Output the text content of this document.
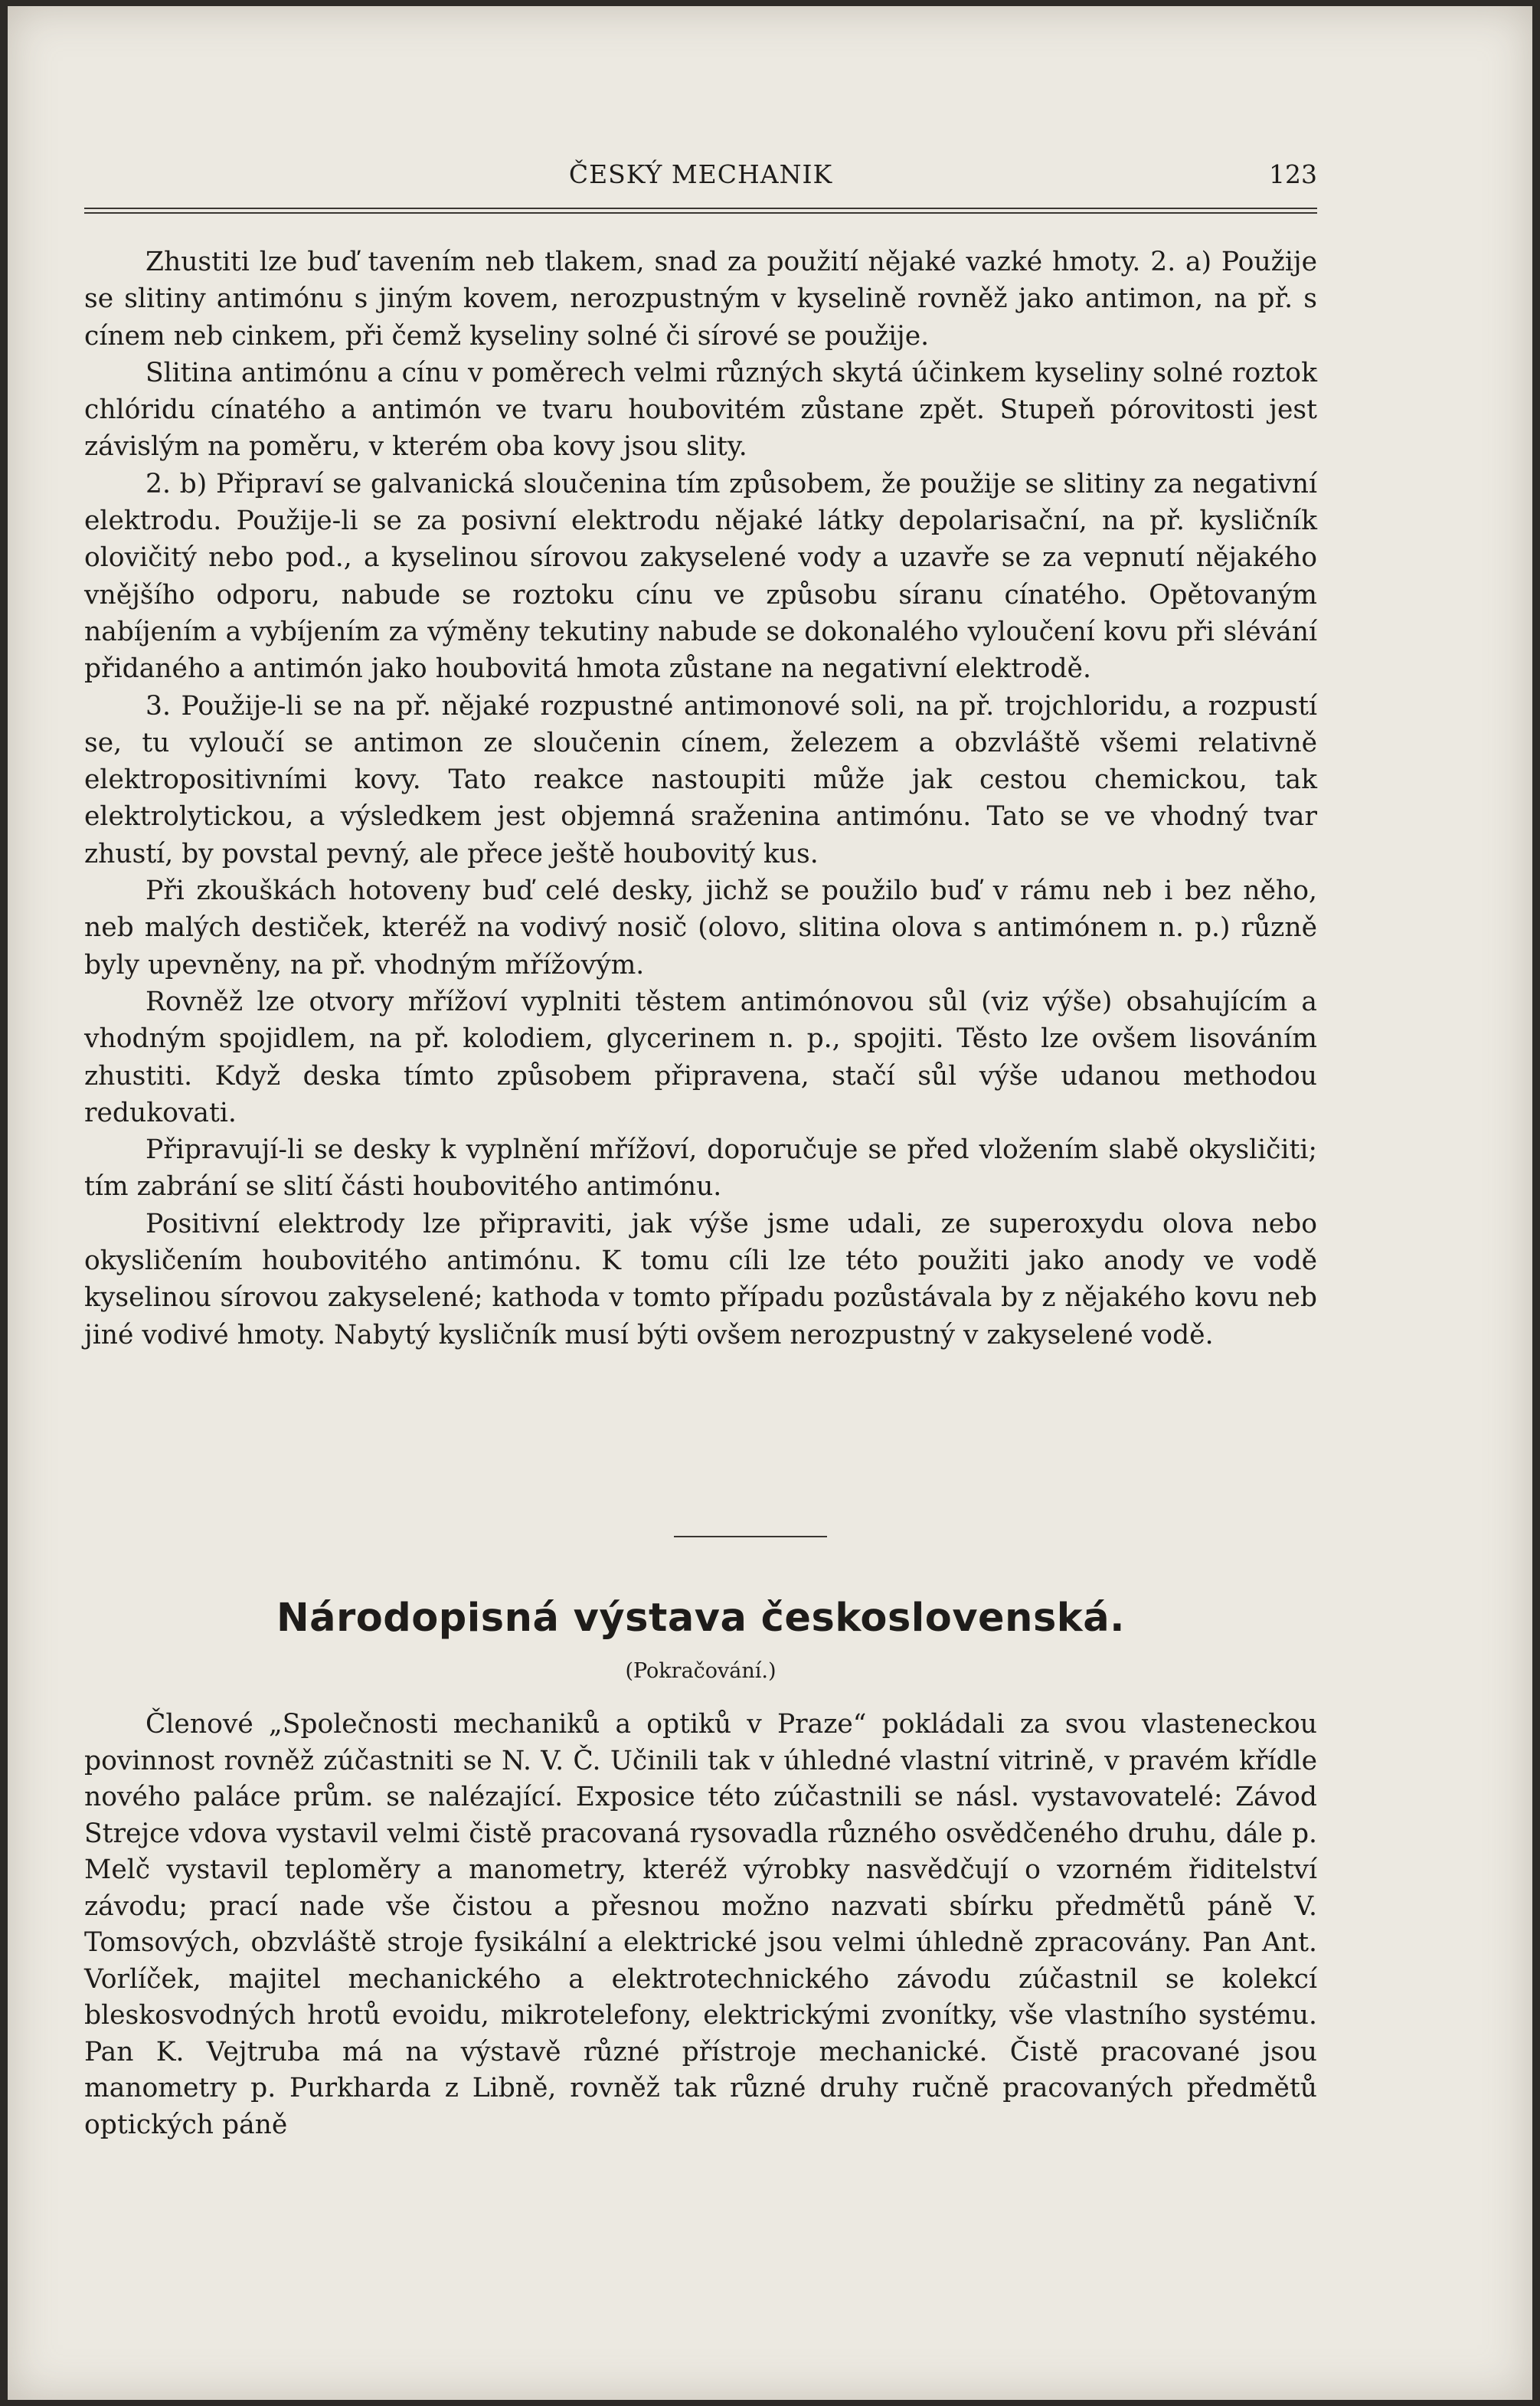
ČESKÝ MECHANIK	123

Zhustiti lze buď tavením neb tlakem, snad za použití nějaké vazké hmoty. 2. a) Použije se slitiny antimónu s jiným kovem, nerozpustným v kyselině rovněž jako antimon, na př. s cínem neb cinkem, při čemž kyseliny solné či sírové se použije.

Slitina antimónu a cínu v poměrech velmi různých skytá účinkem kyseliny solné roztok chlóridu cínatého a antimón ve tvaru houbovitém zůstane zpět. Stupeň pórovitosti jest závislým na poměru, v kterém oba kovy jsou slity.

2. b) Připraví se galvanická sloučenina tím způsobem, že použije se slitiny za negativní elektrodu. Použije-li se za posivní elektrodu nějaké látky depolarisační, na př. kysličník olovičitý nebo pod., a kyselinou sírovou zakyselené vody a uzavře se za vepnutí nějakého vnějšího odporu, nabude se roztoku cínu ve způsobu síranu cínatého. Opětovaným nabíjením a vybíjením za výměny tekutiny nabude se dokonalého vyloučení kovu při slévání přidaného a antimón jako houbovitá hmota zůstane na negativní elektrodě.

3. Použije-li se na př. nějaké rozpustné antimonové soli, na př. trojchloridu, a rozpustí se, tu vyloučí se antimon ze sloučenin cínem, železem a obzvláště všemi relativně elektropositivními kovy. Tato reakce nastoupiti může jak cestou chemickou, tak elektrolytickou, a výsledkem jest objemná sraženina antimónu. Tato se ve vhodný tvar zhustí, by povstal pevný, ale přece ještě houbovitý kus.

Při zkouškách hotoveny buď celé desky, jichž se použilo buď v rámu neb i bez něho, neb malých destiček, kteréž na vodivý nosič (olovo, slitina olova s antimónem n. p.) různě byly upevněny, na př. vhodným mřížovým.

Rovněž lze otvory mřížoví vyplniti těstem antimónovou sůl (viz výše) obsahujícím a vhodným spojidlem, na př. kolodiem, glycerinem n. p., spojiti. Těsto lze ovšem lisováním zhustiti. Když deska tímto způsobem připravena, stačí sůl výše udanou methodou redukovati.

Připravují-li se desky k vyplnění mřížoví, doporučuje se před vložením slabě okysličiti; tím zabrání se slití části houbovitého antimónu.

Positivní elektrody lze připraviti, jak výše jsme udali, ze superoxydu olova nebo okysličením houbovitého antimónu. K tomu cíli lze této použiti jako anody ve vodě kyselinou sírovou zakyselené; kathoda v tomto případu pozůstávala by z nějakého kovu neb jiné vodivé hmoty. Nabytý kysličník musí býti ovšem nerozpustný v zakyselené vodě.

Národopisná výstava československá.
(Pokračování.)

Členové „Společnosti mechaniků a optiků v Praze“ pokládali za svou vlasteneckou povinnost rovněž zúčastniti se N. V. Č. Učinili tak v úhledné vlastní vitrině, v pravém křídle nového paláce prům. se nalézající. Exposice této zúčastnili se násl. vystavovatelé: Závod Strejce vdova vystavil velmi čistě pracovaná rysovadla různého osvědčeného druhu, dále p. Melč vystavil teploměry a manometry, kteréž výrobky nasvědčují o vzorném řiditelství závodu; prací nade vše čistou a přesnou možno nazvati sbírku předmětů páně V. Tomsových, obzvláště stroje fysikální a elektrické jsou velmi úhledně zpracovány. Pan Ant. Vorlíček, majitel mechanického a elektrotechnického závodu zúčastnil se kolekcí bleskosvodných hrotů evoidu, mikrotelefony, elektrickými zvonítky, vše vlastního systému. Pan K. Vejtruba má na výstavě různé přístroje mechanické. Čistě pracované jsou manometry p. Purkharda z Libně, rovněž tak různé druhy ručně pracovaných předmětů optických páně
